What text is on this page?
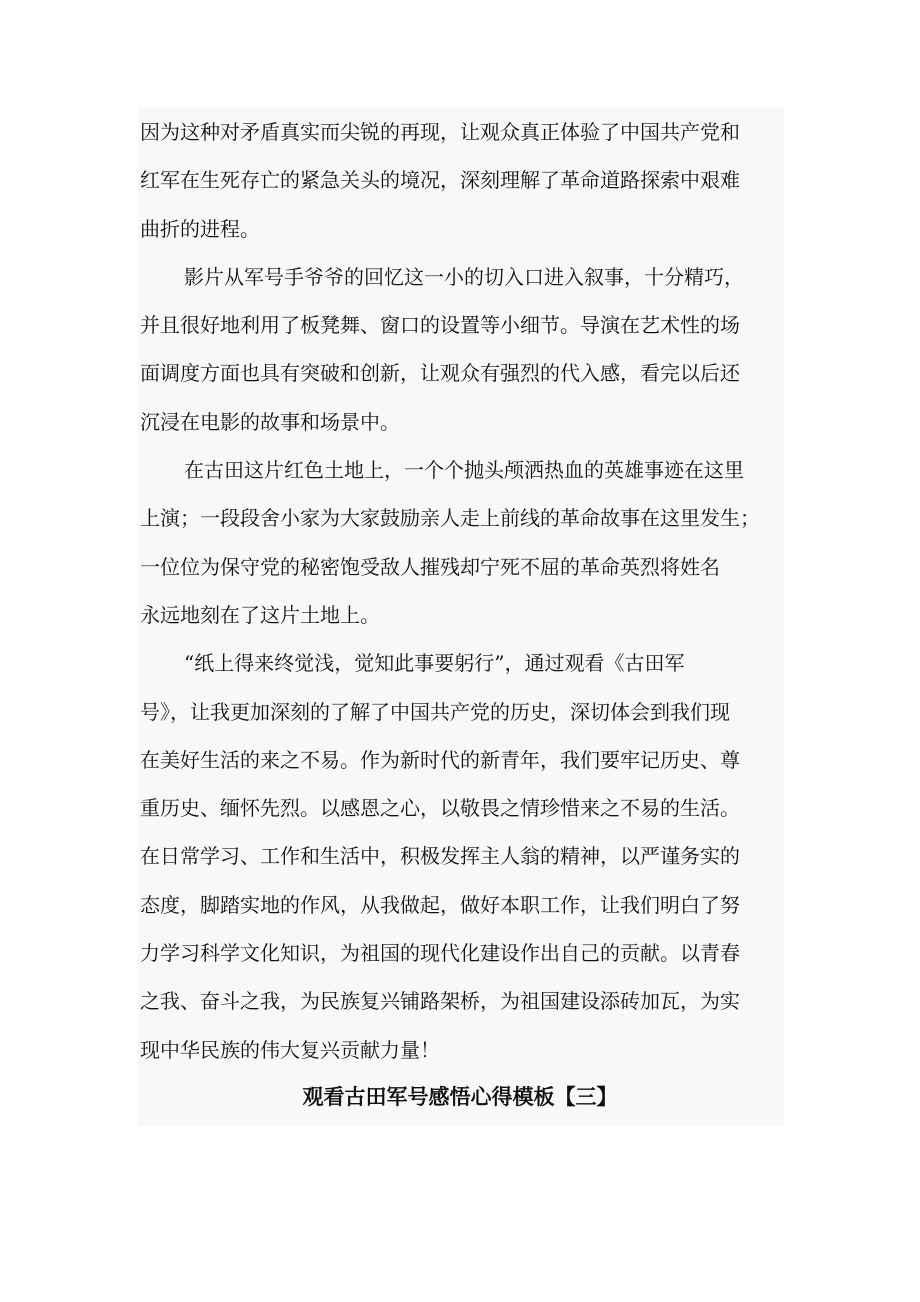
因为这种对矛盾真实而尖锐的再现，让观众真正体验了中国共产党和
红军在生死存亡的紧急关头的境况，深刻理解了革命道路探索中艰难
曲折的进程。
影片从军号手爷爷的回忆这一小的切入口进入叙事，十分精巧，
并且很好地利用了板凳舞、窗口的设置等小细节。导演在艺术性的场
面调度方面也具有突破和创新，让观众有强烈的代入感，看完以后还
沉浸在电影的故事和场景中。
在古田这片红色土地上，一个个抛头颅洒热血的英雄事迹在这里
上演；一段段舍小家为大家鼓励亲人走上前线的革命故事在这里发生；
一位位为保守党的秘密饱受敌人摧残却宁死不屈的革命英烈将姓名
永远地刻在了这片土地上。
“纸上得来终觉浅，觉知此事要躬行”，通过观看《古田军
号》，让我更加深刻的了解了中国共产党的历史，深切体会到我们现
在美好生活的来之不易。作为新时代的新青年，我们要牢记历史、尊
重历史、缅怀先烈。以感恩之心，以敬畏之情珍惜来之不易的生活。
在日常学习、工作和生活中，积极发挥主人翁的精神，以严谨务实的
态度，脚踏实地的作风，从我做起，做好本职工作，让我们明白了努
力学习科学文化知识，为祖国的现代化建设作出自己的贡献。以青春
之我、奋斗之我，为民族复兴铺路架桥，为祖国建设添砖加瓦，为实
现中华民族的伟大复兴贡献力量！
观看古田军号感悟心得模板【三】
